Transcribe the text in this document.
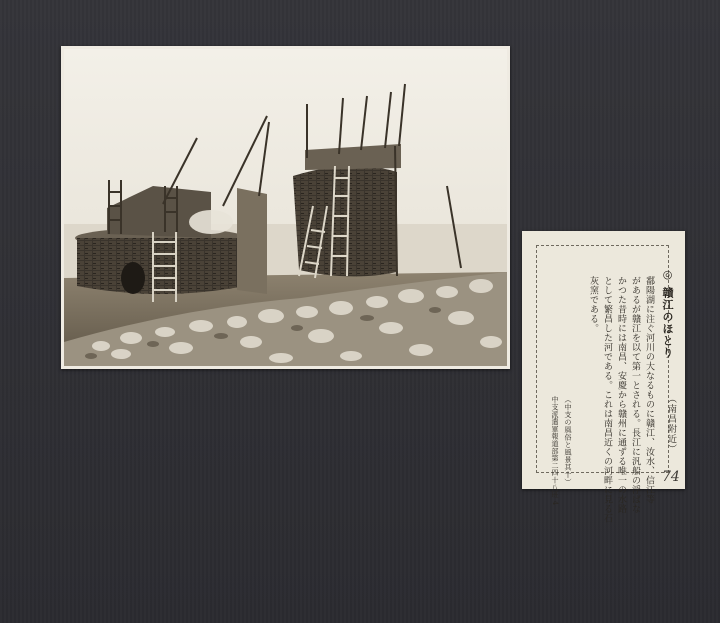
◎ 贛江のほとり
（南昌附近）
鄱陽湖に注ぐ河川の大なるものに贛江、汝水、信江等
があるが贛江を以て第一とされる。長江に汎船の浮ばな
かつた昔時には南昌、安慶から贛州に通ずる唯一の水路
として繁昌した河である。これは南昌近くの河畔に見る石
灰窯である。
（中支の風俗と風景其十）
中支派遣軍報道部第二四十八班 4	74
